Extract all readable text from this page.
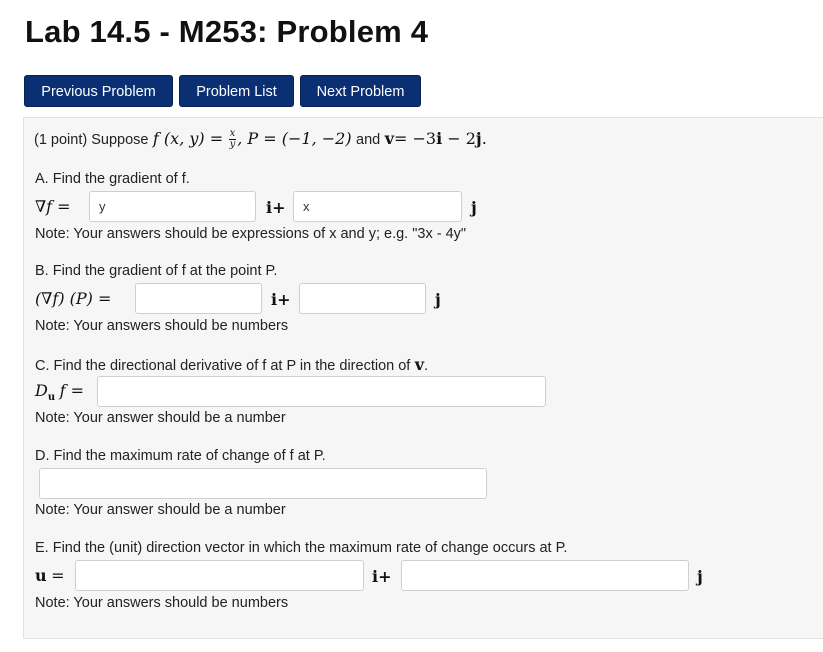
Lab 14.5 - M253: Problem 4
Previous Problem	Problem List	Next Problem
(1 point) Suppose f (x, $y) = \frac{x}{y}$ , P = (−1, −2) and v= −3i − 2j.
A. Find the gradient of f.
∇f =
y	i+
x	j
Note: Your answers should be expressions of x and y; e.g. "3x - 4y"
B. Find the gradient of f at the point P.
(∇f) (P) =	i+	j
Note: Your answers should be numbers
C. Find the directional derivative of f at P in the direction of v.
$D_u$ f =
Note: Your answer should be a number
D. Find the maximum rate of change of f at P.
Note: Your answer should be a number
E. Find the (unit) direction vector in which the maximum rate of change occurs at P.
u =	i+	j
Note: Your answers should be numbers
